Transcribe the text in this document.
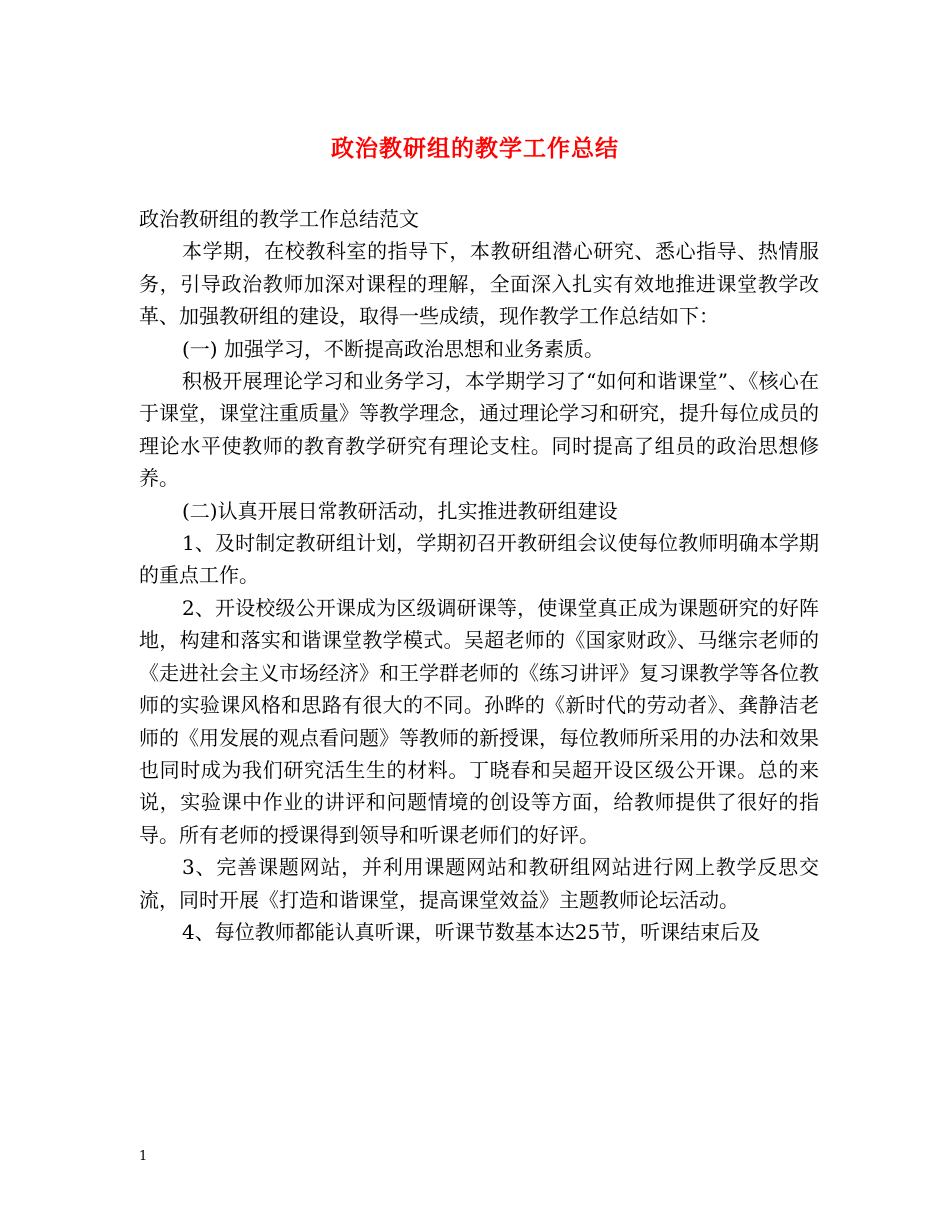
政治教研组的教学工作总结

政治教研组的教学工作总结范文

本学期，在校教科室的指导下，本教研组潜心研究、悉心指导、热情服务，引导政治教师加深对课程的理解，全面深入扎实有效地推进课堂教学改革、加强教研组的建设，取得一些成绩，现作教学工作总结如下：

(一) 加强学习，不断提高政治思想和业务素质。

积极开展理论学习和业务学习，本学期学习了“如何和谐课堂”、《核心在于课堂，课堂注重质量》等教学理念，通过理论学习和研究，提升每位成员的理论水平使教师的教育教学研究有理论支柱。同时提高了组员的政治思想修养。

(二)认真开展日常教研活动，扎实推进教研组建设

1、及时制定教研组计划，学期初召开教研组会议使每位教师明确本学期的重点工作。

2、开设校级公开课成为区级调研课等，使课堂真正成为课题研究的好阵地，构建和落实和谐课堂教学模式。吴超老师的《国家财政》、马继宗老师的《走进社会主义市场经济》和王学群老师的《练习讲评》复习课教学等各位教师的实验课风格和思路有很大的不同。孙晔的《新时代的劳动者》、龚静洁老师的《用发展的观点看问题》等教师的新授课，每位教师所采用的办法和效果也同时成为我们研究活生生的材料。丁晓春和吴超开设区级公开课。总的来说，实验课中作业的讲评和问题情境的创设等方面，给教师提供了很好的指导。所有老师的授课得到领导和听课老师们的好评。

3、完善课题网站，并利用课题网站和教研组网站进行网上教学反思交流，同时开展《打造和谐课堂，提高课堂效益》主题教师论坛活动。

4、每位教师都能认真听课，听课节数基本达25节，听课结束后及

1
